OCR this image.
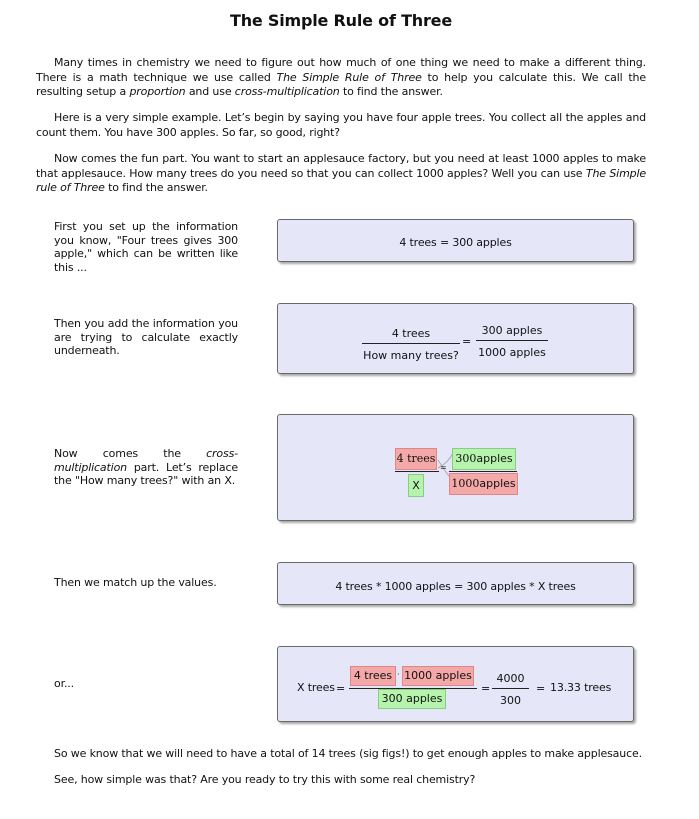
The Simple Rule of Three
Many times in chemistry we need to figure out how much of one thing we need to make a different thing. There is a math technique we use called The Simple Rule of Three to help you calculate this. We call the resulting setup a proportion and use cross-multiplication to find the answer.
Here is a very simple example. Let’s begin by saying you have four apple trees. You collect all the apples and count them. You have 300 apples. So far, so good, right?
Now comes the fun part. You want to start an applesauce factory, but you need at least 1000 apples to make that applesauce. How many trees do you need so that you can collect 1000 apples? Well you can use The Simple rule of Three to find the answer.
First you set up the information you know, "Four trees gives 300 apple," which can be written like this ...
4 trees = 300 apples
Then you add the information you are trying to calculate exactly underneath.
4 trees
How many trees?
=
300 apples
1000 apples
Now comes the cross-multiplication part. Let’s replace the "How many trees?" with an X.
4 trees
X
=
300apples
1000apples
Then we match up the values.	4 trees * 1000 apples = 300 apples * X trees
or...	X trees =
4 trees · 1000 apples
300 apples
= $\frac{4000}{300} = 13.33$ trees
So we know that we will need to have a total of 14 trees (sig figs!) to get enough apples to make applesauce.
See, how simple was that? Are you ready to try this with some real chemistry?
